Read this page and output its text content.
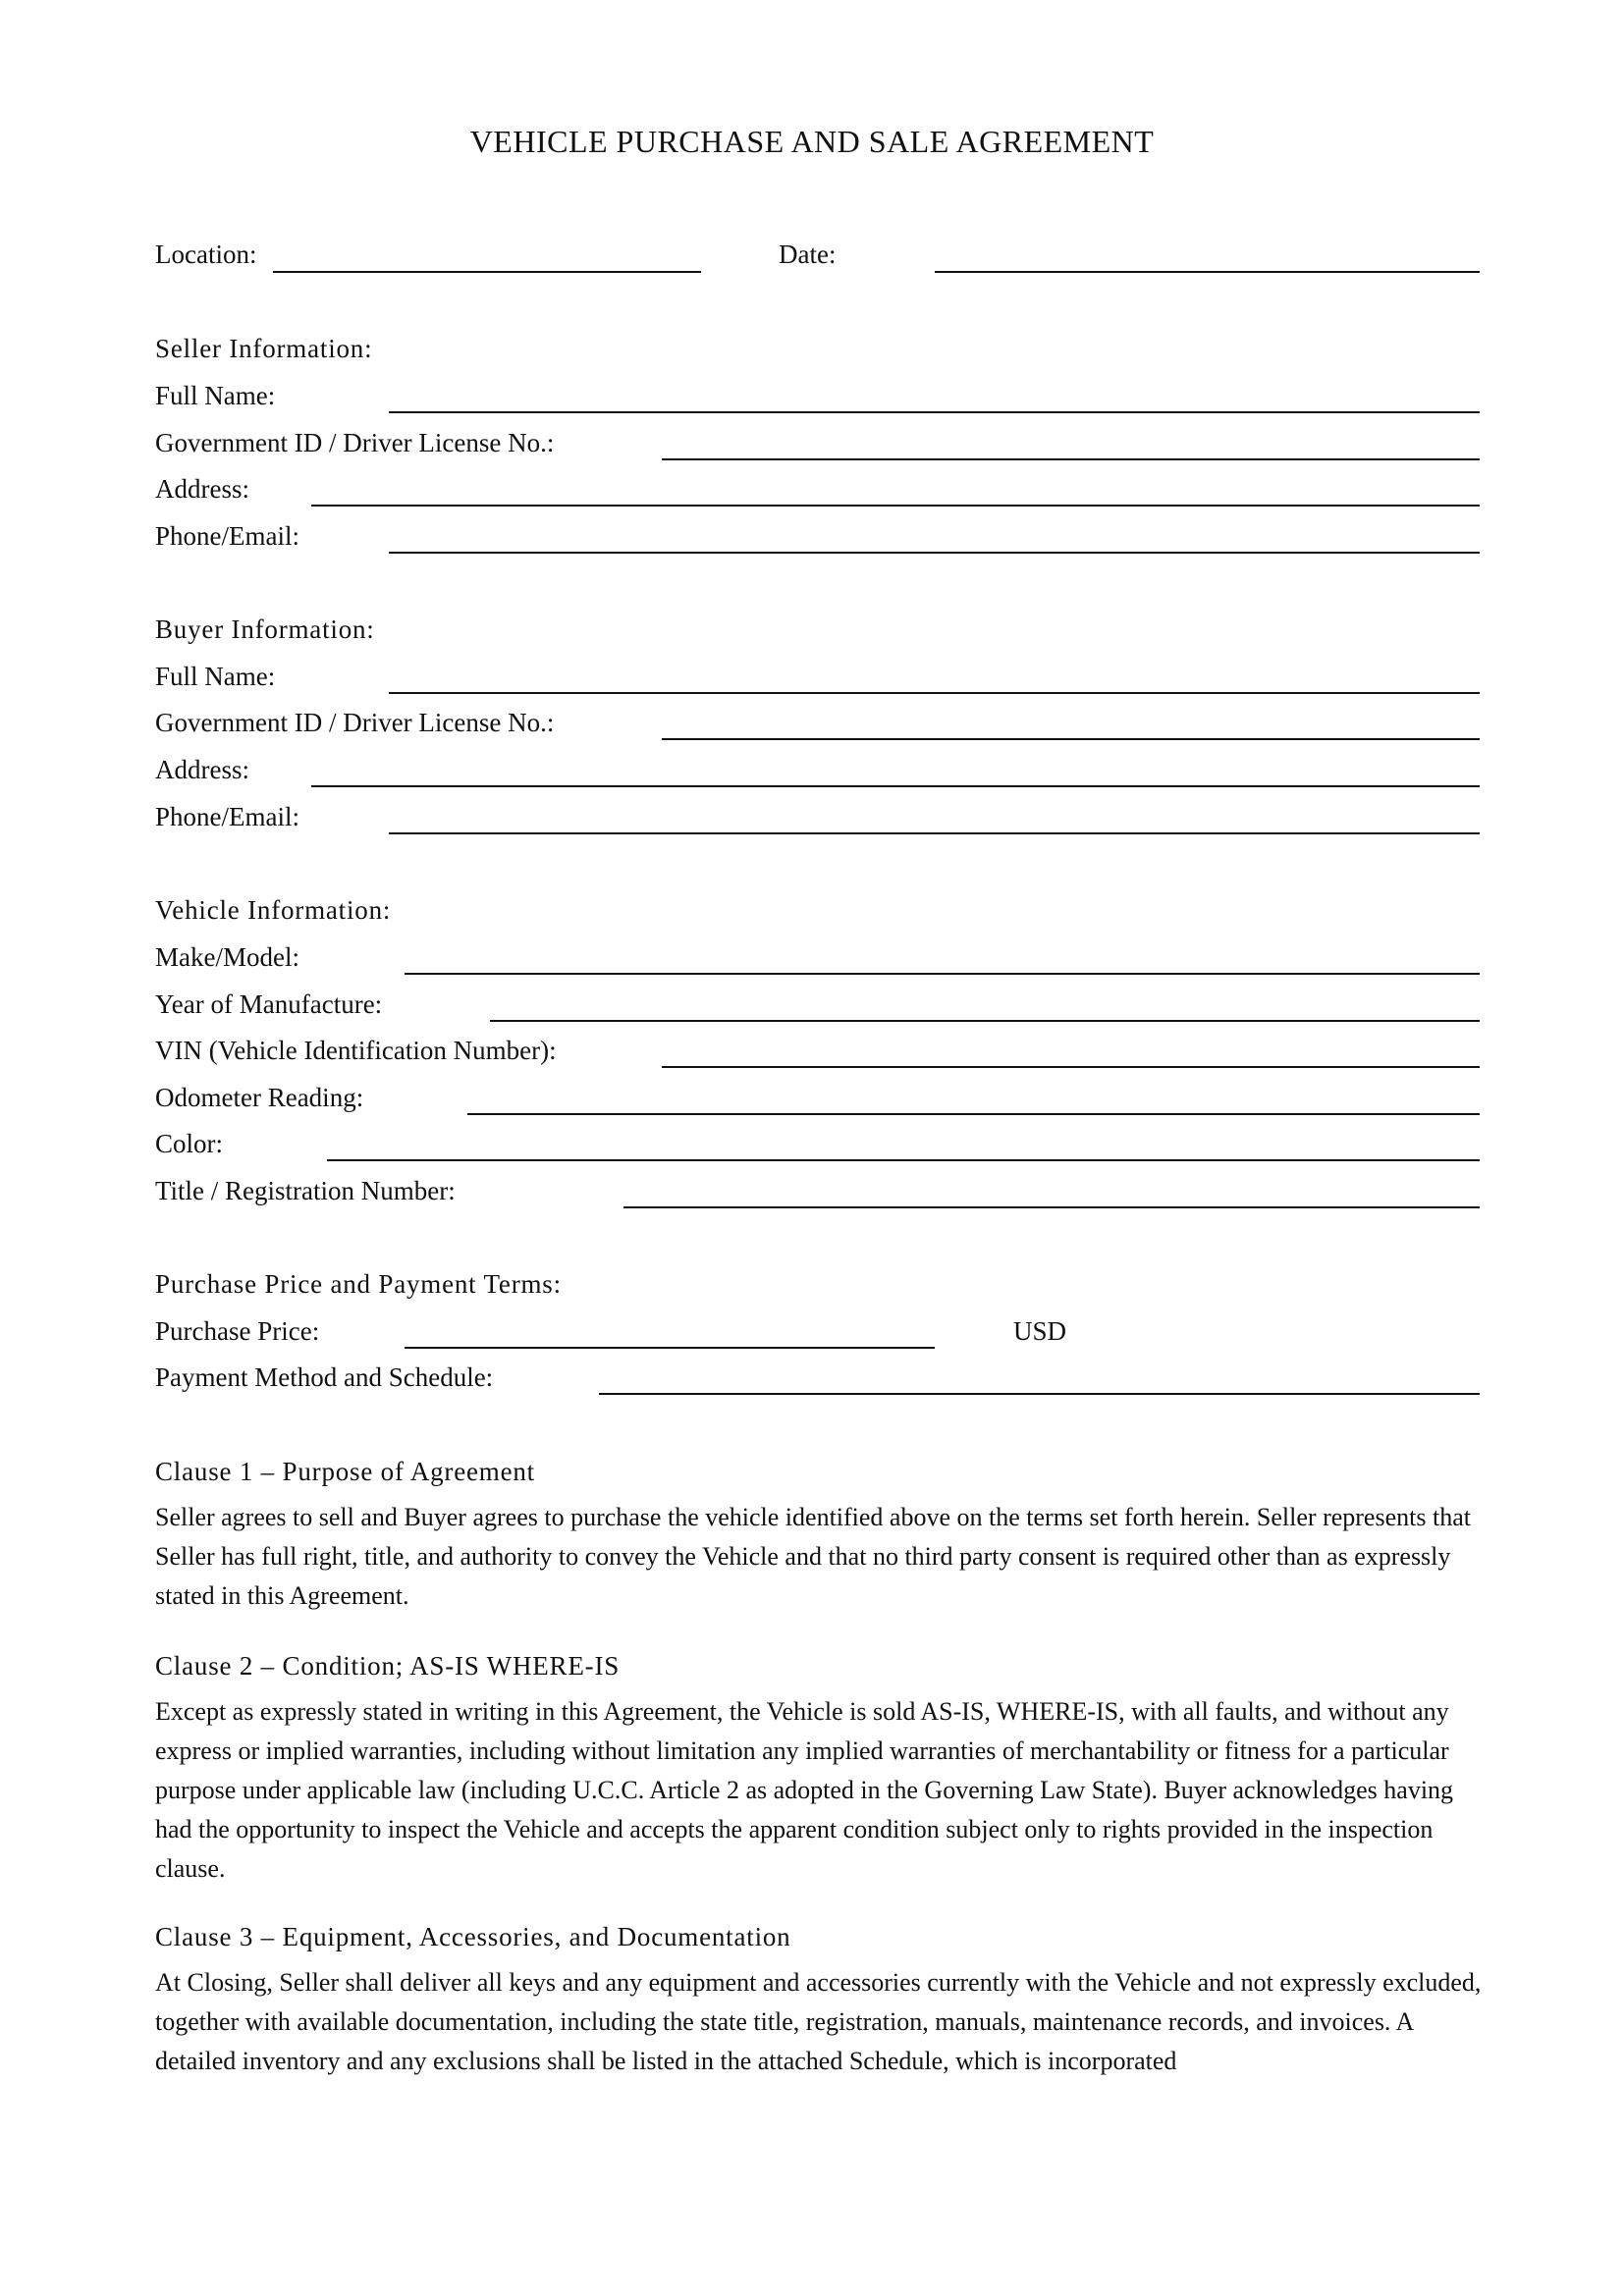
VEHICLE PURCHASE AND SALE AGREEMENT
Location:	Date:
Seller Information:
Full Name:
Government ID / Driver License No.:
Address:
Phone/Email:
Buyer Information:
Full Name:
Government ID / Driver License No.:
Address:
Phone/Email:
Vehicle Information:
Make/Model:
Year of Manufacture:
VIN (Vehicle Identification Number):
Odometer Reading:
Color:
Title / Registration Number:
Purchase Price and Payment Terms:
Purchase Price:	USD
Payment Method and Schedule:
Clause 1 – Purpose of Agreement

Seller agrees to sell and Buyer agrees to purchase the vehicle identified above on the terms set forth herein. Seller represents that Seller has full right, title, and authority to convey the Vehicle and that no third party consent is required other than as expressly stated in this Agreement.

Clause 2 – Condition; AS-IS WHERE-IS

Except as expressly stated in writing in this Agreement, the Vehicle is sold AS-IS, WHERE-IS, with all faults, and without any express or implied warranties, including without limitation any implied warranties of merchantability or fitness for a particular purpose under applicable law (including U.C.C. Article 2 as adopted in the Governing Law State). Buyer acknowledges having had the opportunity to inspect the Vehicle and accepts the apparent condition subject only to rights provided in the inspection clause.

Clause 3 – Equipment, Accessories, and Documentation

At Closing, Seller shall deliver all keys and any equipment and accessories currently with the Vehicle and not expressly excluded, together with available documentation, including the state title, registration, manuals, maintenance records, and invoices. A detailed inventory and any exclusions shall be listed in the attached Schedule, which is incorporated
